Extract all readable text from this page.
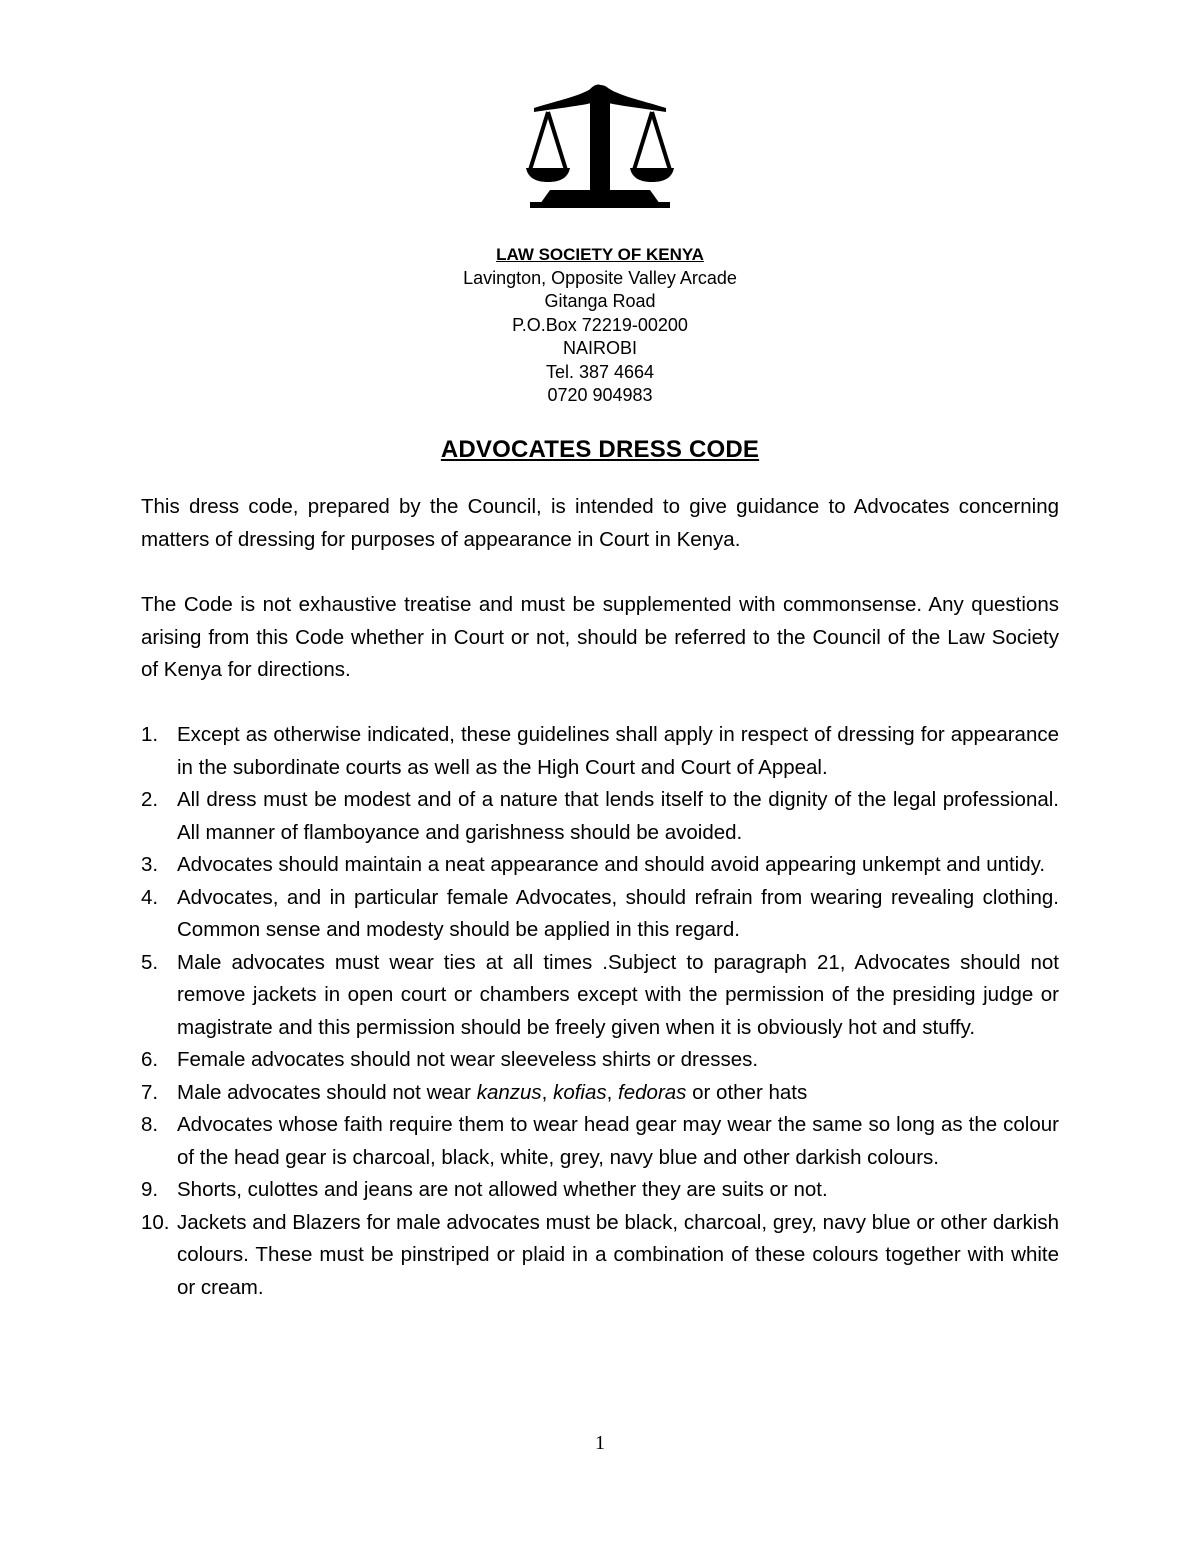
LAW SOCIETY OF KENYA
Lavington, Opposite Valley Arcade
Gitanga Road
P.O.Box 72219-00200
NAIROBI
Tel. 387 4664
0720 904983
ADVOCATES DRESS CODE

This dress code, prepared by the Council, is intended to give guidance to Advocates concerning matters of dressing for purposes of appearance in Court in Kenya.

The Code is not exhaustive treatise and must be supplemented with commonsense. Any questions arising from this Code whether in Court or not, should be referred to the Council of the Law Society of Kenya for directions.

1. Except as otherwise indicated, these guidelines shall apply in respect of dressing for appearance in the subordinate courts as well as the High Court and Court of Appeal.
2. All dress must be modest and of a nature that lends itself to the dignity of the legal professional. All manner of flamboyance and garishness should be avoided.
3. Advocates should maintain a neat appearance and should avoid appearing unkempt and untidy.
4. Advocates, and in particular female Advocates, should refrain from wearing revealing clothing. Common sense and modesty should be applied in this regard.
5. Male advocates must wear ties at all times .Subject to paragraph 21, Advocates should not remove jackets in open court or chambers except with the permission of the presiding judge or magistrate and this permission should be freely given when it is obviously hot and stuffy.
6. Female advocates should not wear sleeveless shirts or dresses.
7. Male advocates should not wear kanzus, kofias, fedoras or other hats
8. Advocates whose faith require them to wear head gear may wear the same so long as the colour of the head gear is charcoal, black, white, grey, navy blue and other darkish colours.
9. Shorts, culottes and jeans are not allowed whether they are suits or not.
10. Jackets and Blazers for male advocates must be black, charcoal, grey, navy blue or other darkish colours. These must be pinstriped or plaid in a combination of these colours together with white or cream.
1
